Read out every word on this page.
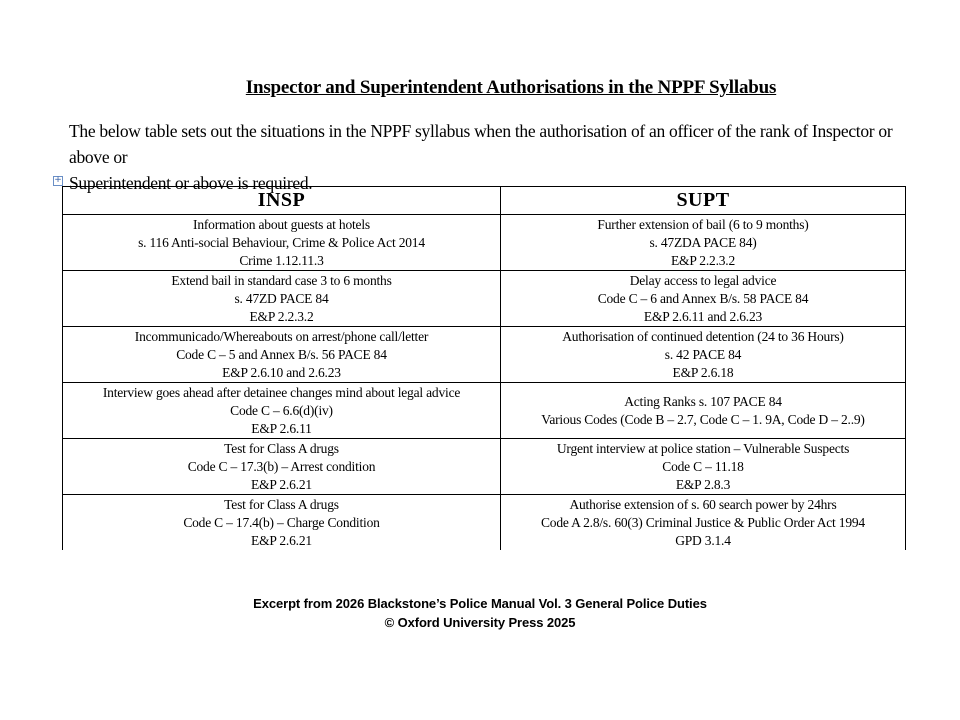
Inspector and Superintendent Authorisations in the NPPF Syllabus
The below table sets out the situations in the NPPF syllabus when the authorisation of an officer of the rank of Inspector or above or
Superintendent or above is required.
+
INSP	SUPT

Information about guests at hotels
s. 116 Anti-social Behaviour, Crime & Police Act 2014
Crime 1.12.11.3	Further extension of bail (6 to 9 months)
s. 47ZDA PACE 84)
E&P 2.2.3.2

Extend bail in standard case 3 to 6 months
s. 47ZD PACE 84
E&P 2.2.3.2	Delay access to legal advice
Code C – 6 and Annex B/s. 58 PACE 84
E&P 2.6.11 and 2.6.23

Incommunicado/Whereabouts on arrest/phone call/letter
Code C – 5 and Annex B/s. 56 PACE 84
E&P 2.6.10 and 2.6.23	Authorisation of continued detention (24 to 36 Hours)
s. 42 PACE 84
E&P 2.6.18

Interview goes ahead after detainee changes mind about legal advice
Code C – 6.6(d)(iv)
E&P 2.6.11	Acting Ranks s. 107 PACE 84
Various Codes (Code B – 2.7, Code C – 1. 9A, Code D – 2..9)

Test for Class A drugs
Code C – 17.3(b) – Arrest condition
E&P 2.6.21	Urgent interview at police station – Vulnerable Suspects
Code C – 11.18
E&P 2.8.3

Test for Class A drugs
Code C – 17.4(b) – Charge Condition
E&P 2.6.21	Authorise extension of s. 60 search power by 24hrs
Code A 2.8/s. 60(3) Criminal Justice & Public Order Act 1994
GPD 3.1.4
Excerpt from 2026 Blackstone’s Police Manual Vol. 3 General Police Duties
© Oxford University Press 2025
